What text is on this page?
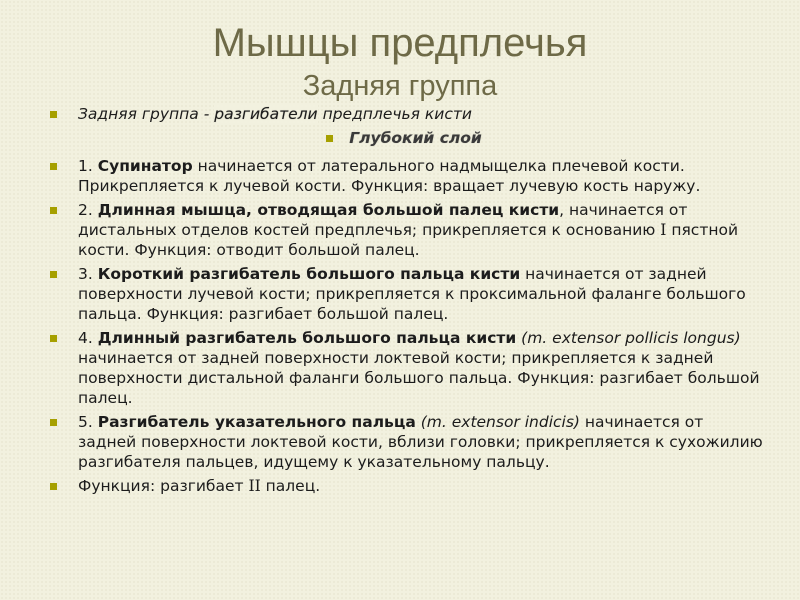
Мышцы предплечья
Задняя группа
Задняя группа - разгибатели предплечья кисти
Глубокий слой
1. Супинатор начинается от латерального надмыщелка плечевой кости. Прикрепляется к лучевой кости. Функция: вращает лучевую кость наружу.
2. Длинная мышца, отводящая большой палец кисти, начинается от дистальных отделов костей предплечья; прикрепляется к основанию I пястной кости. Функция: отводит большой палец.
3. Короткий разгибатель большого пальца кисти начинается от задней поверхности лучевой кости; прикрепляется к проксимальной фаланге большого пальца. Функция: разгибает большой палец.
4. Длинный разгибатель большого пальца кисти (m. extensor pollicis longus) начинается от задней поверхности локтевой кости; прикрепляется к задней поверхности дистальной фаланги большого пальца. Функция: разгибает большой палец.
5. Разгибатель указательного пальца (m. extensor indicis) начинается от задней поверхности локтевой кости, вблизи головки; прикрепляется к сухожилию разгибателя пальцев, идущему к указательному пальцу.
Функция: разгибает II палец.
